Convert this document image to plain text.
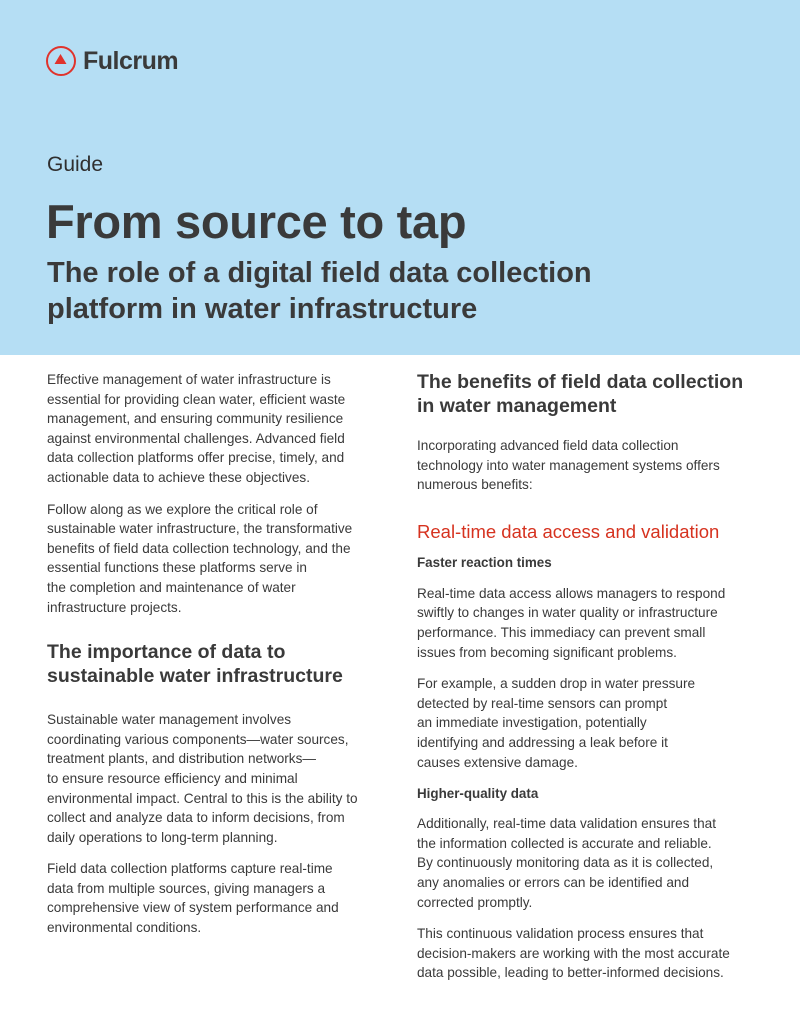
Fulcrum
Guide
From source to tap
The role of a digital field data collection
platform in water infrastructure

Effective management of water infrastructure is
essential for providing clean water, efficient waste
management, and ensuring community resilience
against environmental challenges. Advanced field
data collection platforms offer precise, timely, and
actionable data to achieve these objectives.

Follow along as we explore the critical role of
sustainable water infrastructure, the transformative
benefits of field data collection technology, and the
essential functions these platforms serve in
the completion and maintenance of water
infrastructure projects.

The importance of data to
sustainable water infrastructure

Sustainable water management involves
coordinating various components—water sources,
treatment plants, and distribution networks—
to ensure resource efficiency and minimal
environmental impact. Central to this is the ability to
collect and analyze data to inform decisions, from
daily operations to long-term planning.

Field data collection platforms capture real-time
data from multiple sources, giving managers a
comprehensive view of system performance and
environmental conditions.

The benefits of field data collection
in water management

Incorporating advanced field data collection
technology into water management systems offers
numerous benefits:

Real-time data access and validation
Faster reaction times

Real-time data access allows managers to respond
swiftly to changes in water quality or infrastructure
performance. This immediacy can prevent small
issues from becoming significant problems.

For example, a sudden drop in water pressure
detected by real-time sensors can prompt
an immediate investigation, potentially
identifying and addressing a leak before it
causes extensive damage.

Higher-quality data

Additionally, real-time data validation ensures that
the information collected is accurate and reliable.
By continuously monitoring data as it is collected,
any anomalies or errors can be identified and
corrected promptly.

This continuous validation process ensures that
decision-makers are working with the most accurate
data possible, leading to better-informed decisions.
